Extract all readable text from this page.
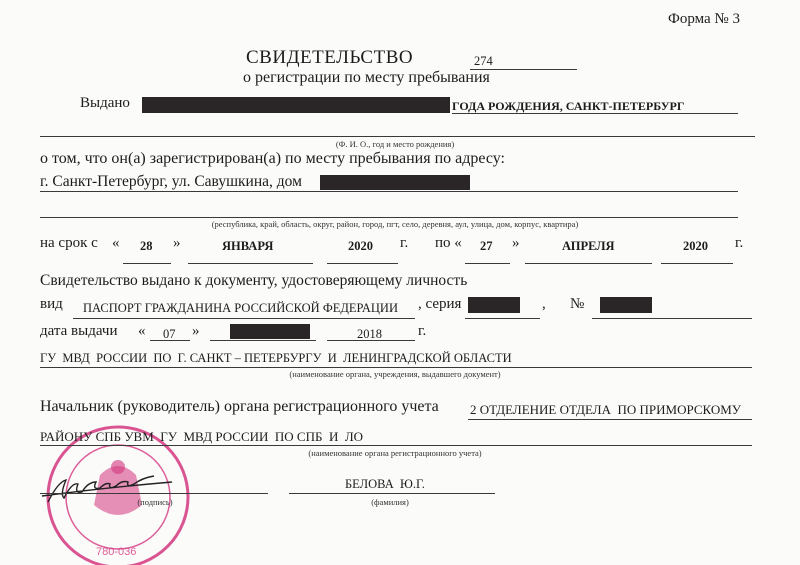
780-036
Форма № 3
СВИДЕТЕЛЬСТВО	274
о регистрации по месту пребывания
Выдано	ГОДА РОЖДЕНИЯ, САНКТ-ПЕТЕРБУРГ
(Ф. И. О., год и место рождения)
о том, что он(а) зарегистрирован(а) по месту пребывания по адресу:
г. Санкт-Петербург, ул. Савушкина, дом
(республика, край, область, округ, район, город, пгт, село, деревня, аул, улица, дом, корпус, квартира)
на срок с « 28 »	ЯНВАРЯ	2020 г. по « 27 »	АПРЕЛЯ	2020 г.
Свидетельство выдано к документу, удостоверяющему личность
вид ПАСПОРТ ГРАЖДАНИНА РОССИЙСКОЙ ФЕДЕРАЦИИ , серия	, №
дата выдачи « 07 »	2018 г.
ГУ  МВД  РОССИИ  ПО  Г. САНКТ – ПЕТЕРБУРГУ  И  ЛЕНИНГРАДСКОЙ ОБЛАСТИ
(наименование органа, учреждения, выдавшего документ)
Начальник (руководитель) органа регистрационного учета 2 ОТДЕЛЕНИЕ ОТДЕЛА  ПО ПРИМОРСКОМУ
РАЙОНУ СПБ УВМ  ГУ  МВД РОССИИ  ПО СПБ  И  ЛО
(наименование органа регистрационного учета)
(подпись)
БЕЛОВА  Ю.Г.
(фамилия)
